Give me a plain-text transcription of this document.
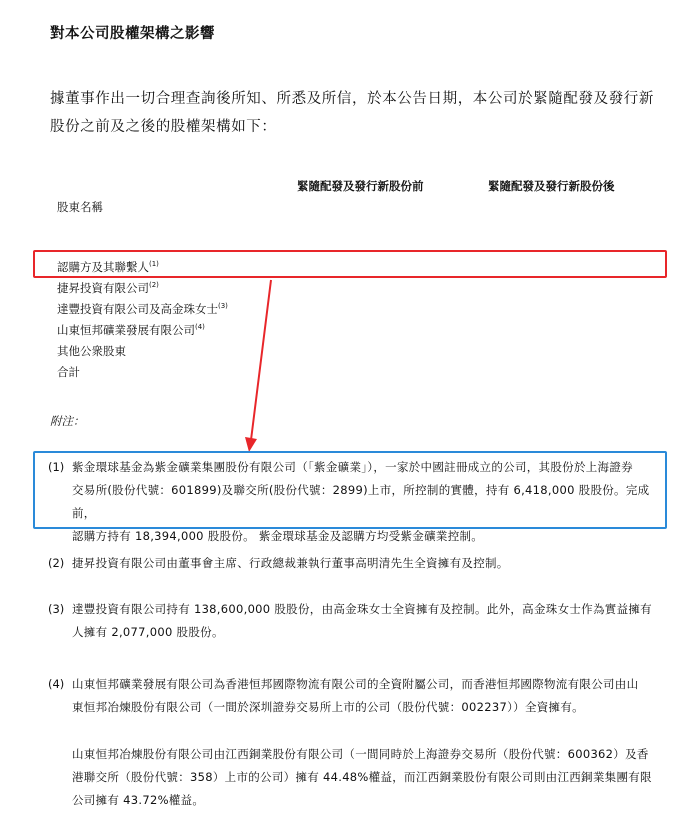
對本公司股權架構之影響
據董事作出一切合理查詢後所知、所悉及所信，於本公告日期，本公司於緊隨配發及發行新股份之前及之後的股權架構如下：
緊隨配發及發行新股份前	緊隨配發及發行新股份後
股東名稱
認購方及其聯繫人$^{(1)}$
捷昇投資有限公司$^{(2)}$
達豐投資有限公司及高金珠女士$^{(3)}$
山東恒邦礦業發展有限公司$^{(4)}$
其他公衆股東
合計
附注：
(1) 紫金環球基金為紫金礦業集團股份有限公司（「紫金礦業」），一家於中國註冊成立的公司，其股份於上海證券
交易所(股份代號：601899)及聯交所(股份代號：2899)上市，所控制的實體，持有 6,418,000 股股份。完成前，
認購方持有 18,394,000 股股份。 紫金環球基金及認購方均受紫金礦業控制。
(2) 捷昇投資有限公司由董事會主席、行政總裁兼執行董事高明清先生全資擁有及控制。
(3) 達豐投資有限公司持有 138,600,000 股股份，由高金珠女士全資擁有及控制。此外，高金珠女士作為實益擁有
人擁有 2,077,000 股股份。
(4) 山東恒邦礦業發展有限公司為香港恒邦國際物流有限公司的全資附屬公司，而香港恒邦國際物流有限公司由山
東恒邦冶煉股份有限公司（一間於深圳證券交易所上市的公司（股份代號：002237））全資擁有。
山東恒邦冶煉股份有限公司由江西銅業股份有限公司（一間同時於上海證券交易所（股份代號：600362）及香
港聯交所（股份代號：358）上市的公司）擁有 44.48%權益，而江西銅業股份有限公司則由江西銅業集團有限
公司擁有 43.72%權益。
